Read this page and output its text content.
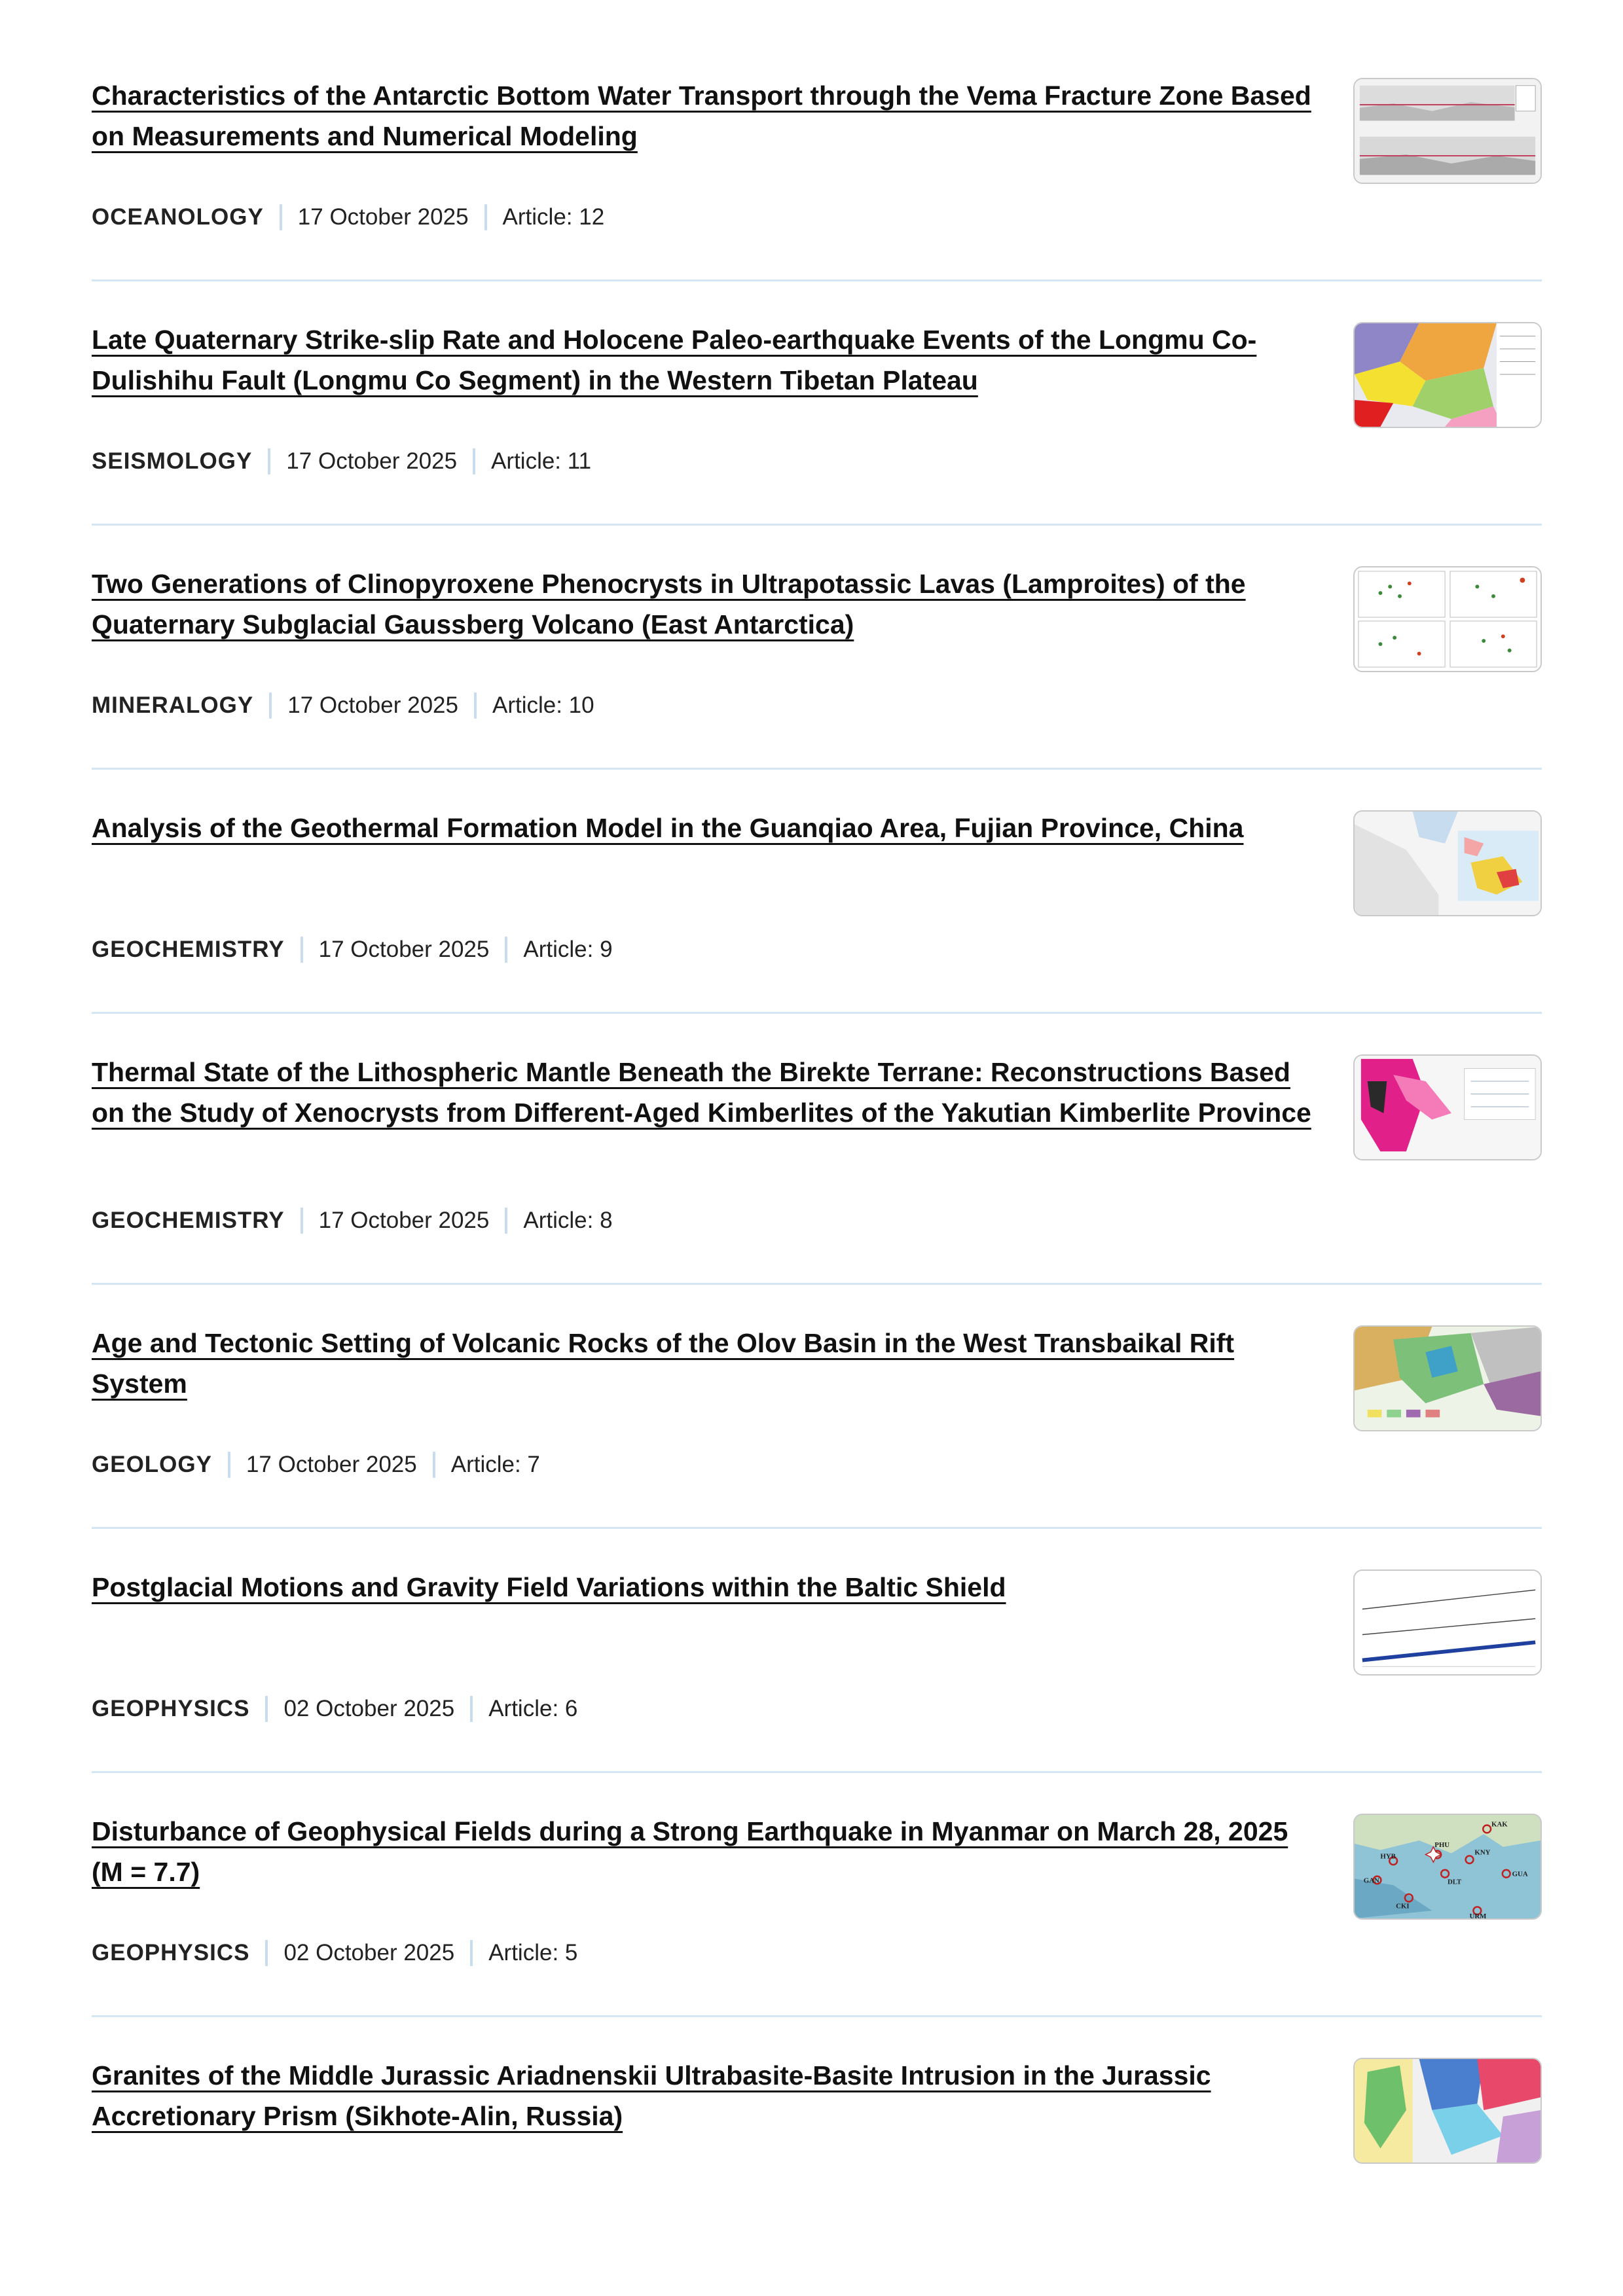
Characteristics of the Antarctic Bottom Water Transport through the Vema Fracture Zone Based on Measurements and Numerical Modeling
OCEANOLOGY 17 October 2025 Article: 12
Late Quaternary Strike-slip Rate and Holocene Paleo-earthquake Events of the Longmu Co-Dulishihu Fault (Longmu Co Segment) in the Western Tibetan Plateau
SEISMOLOGY 17 October 2025 Article: 11
Two Generations of Clinopyroxene Phenocrysts in Ultrapotassic Lavas (Lamproites) of the Quaternary Subglacial Gaussberg Volcano (East Antarctica)
MINERALOGY 17 October 2025 Article: 10
Analysis of the Geothermal Formation Model in the Guanqiao Area, Fujian Province, China
GEOCHEMISTRY 17 October 2025 Article: 9
Thermal State of the Lithospheric Mantle Beneath the Birekte Terrane: Reconstructions Based on the Study of Xenocrysts from Different-Aged Kimberlites of the Yakutian Kimberlite Province
GEOCHEMISTRY 17 October 2025 Article: 8
Age and Tectonic Setting of Volcanic Rocks of the Olov Basin in the West Transbaikal Rift System
GEOLOGY 17 October 2025 Article: 7
Postglacial Motions and Gravity Field Variations within the Baltic Shield
GEOPHYSICS 02 October 2025 Article: 6
Disturbance of Geophysical Fields during a Strong Earthquake in Myanmar on March 28, 2025 (M = 7.7)
GEOPHYSICS 02 October 2025 Article: 5
KAK
HYB
PHU
KNY
GAN	DLT
GUA
CKI
URM
Granites of the Middle Jurassic Ariadnenskii Ultrabasite-Basite Intrusion in the Jurassic Accretionary Prism (Sikhote-Alin, Russia)
